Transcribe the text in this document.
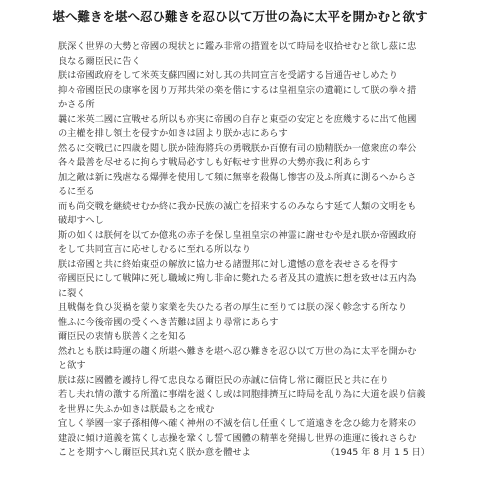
堪へ難きを堪へ忍ひ難きを忍ひ以て万世の為に太平を開かむと欲す
朕深く世界の大勢と帝國の現状とに鑑み非常の措置を以て時局を収拾せむと欲し茲に忠
良なる爾臣民に告く
朕は帝國政府をして米英支蘇四國に対し其の共同宣言を受諾する旨通告せしめたり
抑々帝國臣民の康寧を図り万邦共栄の楽を偕にするは皇祖皇宗の遺範にして朕の拳々措
かさる所
曩に米英二國に宣戦せる所以も亦実に帝國の自存と東亞の安定とを庶幾するに出て他國
の主權を排し領土を侵すか如きは固より朕か志にあらす
然るに交戦已に四歳を閲し朕か陸海將兵の勇戦朕か百僚有司の励精朕か一億衆庶の奉公
各々最善を尽せるに拘らす戦局必すしも好転せす世界の大勢亦我に利あらす
加之敵は新に残虐なる爆弾を使用して頻に無辜を殺傷し惨害の及ふ所真に測るへからさ
るに至る
而も尚交戦を継続せむか終に我か民族の滅亡を招来するのみならす延て人類の文明をも
破却すへし
斯の如くは朕何を以てか億兆の赤子を保し皇祖皇宗の神霊に謝せむや是れ朕か帝國政府
をして共同宣言に応せしむるに至れる所以なり
朕は帝國と共に終始東亞の解放に協力せる諸盟邦に対し遺憾の意を表せさるを得す
帝國臣民にして戦陣に死し職域に殉し非命に斃れたる者及其の遺族に想を致せは五内為
に裂く
且戦傷を負ひ災禍を蒙り家業を失ひたる者の厚生に至りては朕の深く軫念する所なり
惟ふに今後帝國の受くへき苦難は固より尋常にあらす
爾臣民の衷情も朕善く之を知る
然れとも朕は時運の趨く所堪へ難きを堪へ忍ひ難きを忍ひ以て万世の為に太平を開かむ
と欲す
朕は茲に國體を護持し得て忠良なる爾臣民の赤誠に信倚し常に爾臣民と共に在り
若し夫れ情の激する所濫に事端を滋くし或は同胞排擠互に時局を乱り為に大道を誤り信義
を世界に失ふか如きは朕最も之を戒む
宜しく挙國一家子孫相傳へ確く神州の不滅を信し任重くして道遠きを念ひ総力を將来の
建設に傾け道義を篤くし志操を鞏くし誓て國體の精華を発揚し世界の進運に後れさらむ
ことを期すへし爾臣民其れ克く朕か意を體せよ	（1945 年 8 月 1 5 日）
